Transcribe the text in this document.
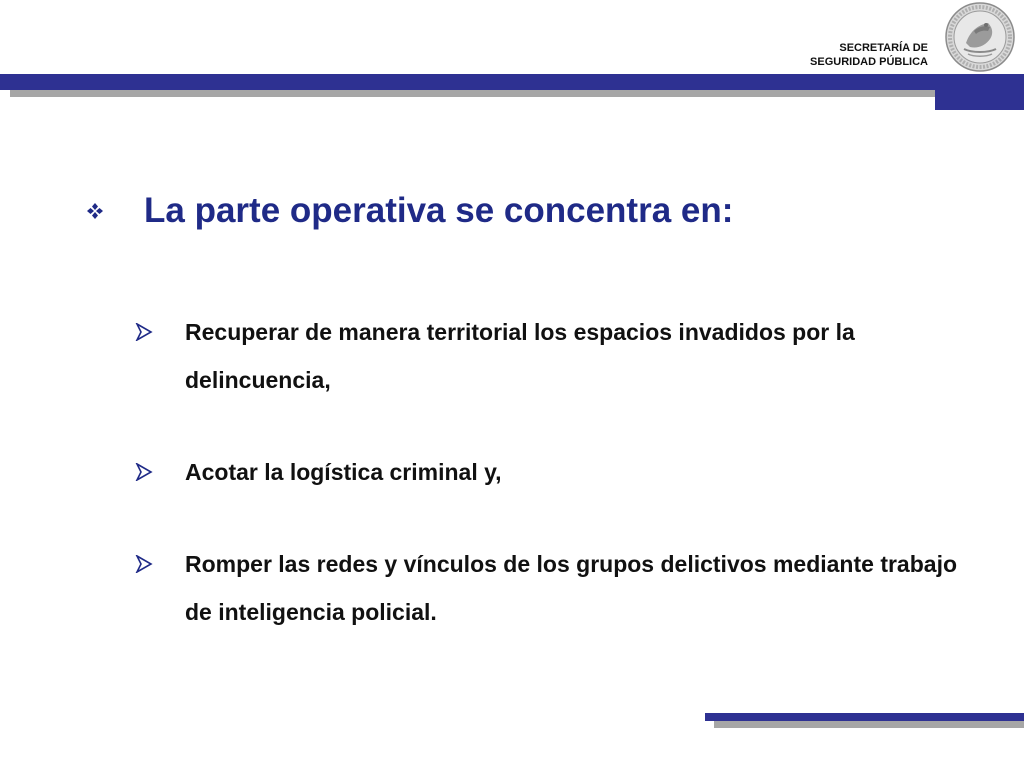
SECRETARÍA DE
SEGURIDAD PÚBLICA
La parte operativa se concentra en:
Recuperar de manera territorial los espacios invadidos por la delincuencia,
Acotar la logística criminal y,
Romper las redes y vínculos de los grupos delictivos mediante trabajo de inteligencia policial.
